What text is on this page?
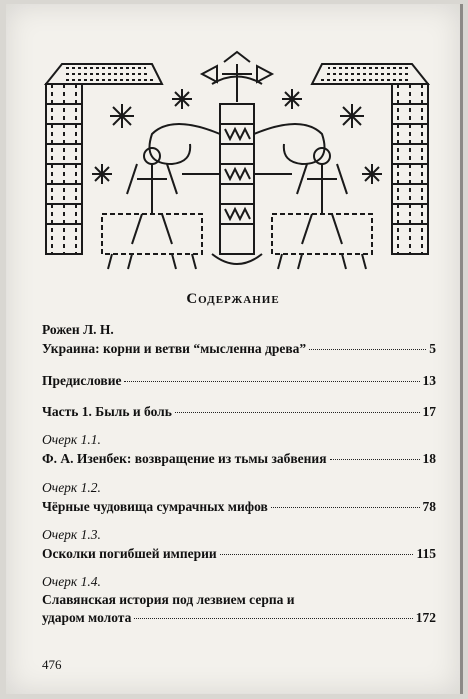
Содержание
Рожен Л. Н.
Украина: корни и ветви “мысленна древа”	5
Предисловие	13
Часть 1. Быль и боль	17
Очерк 1.1.
Ф. А. Изенбек: возвращение из тьмы забвения	18
Очерк 1.2.
Чёрные чудовища сумрачных мифов	78
Очерк 1.3.
Осколки погибшей империи	115
Очерк 1.4.
Славянская история под лезвием серпа и
ударом молота	172
476
